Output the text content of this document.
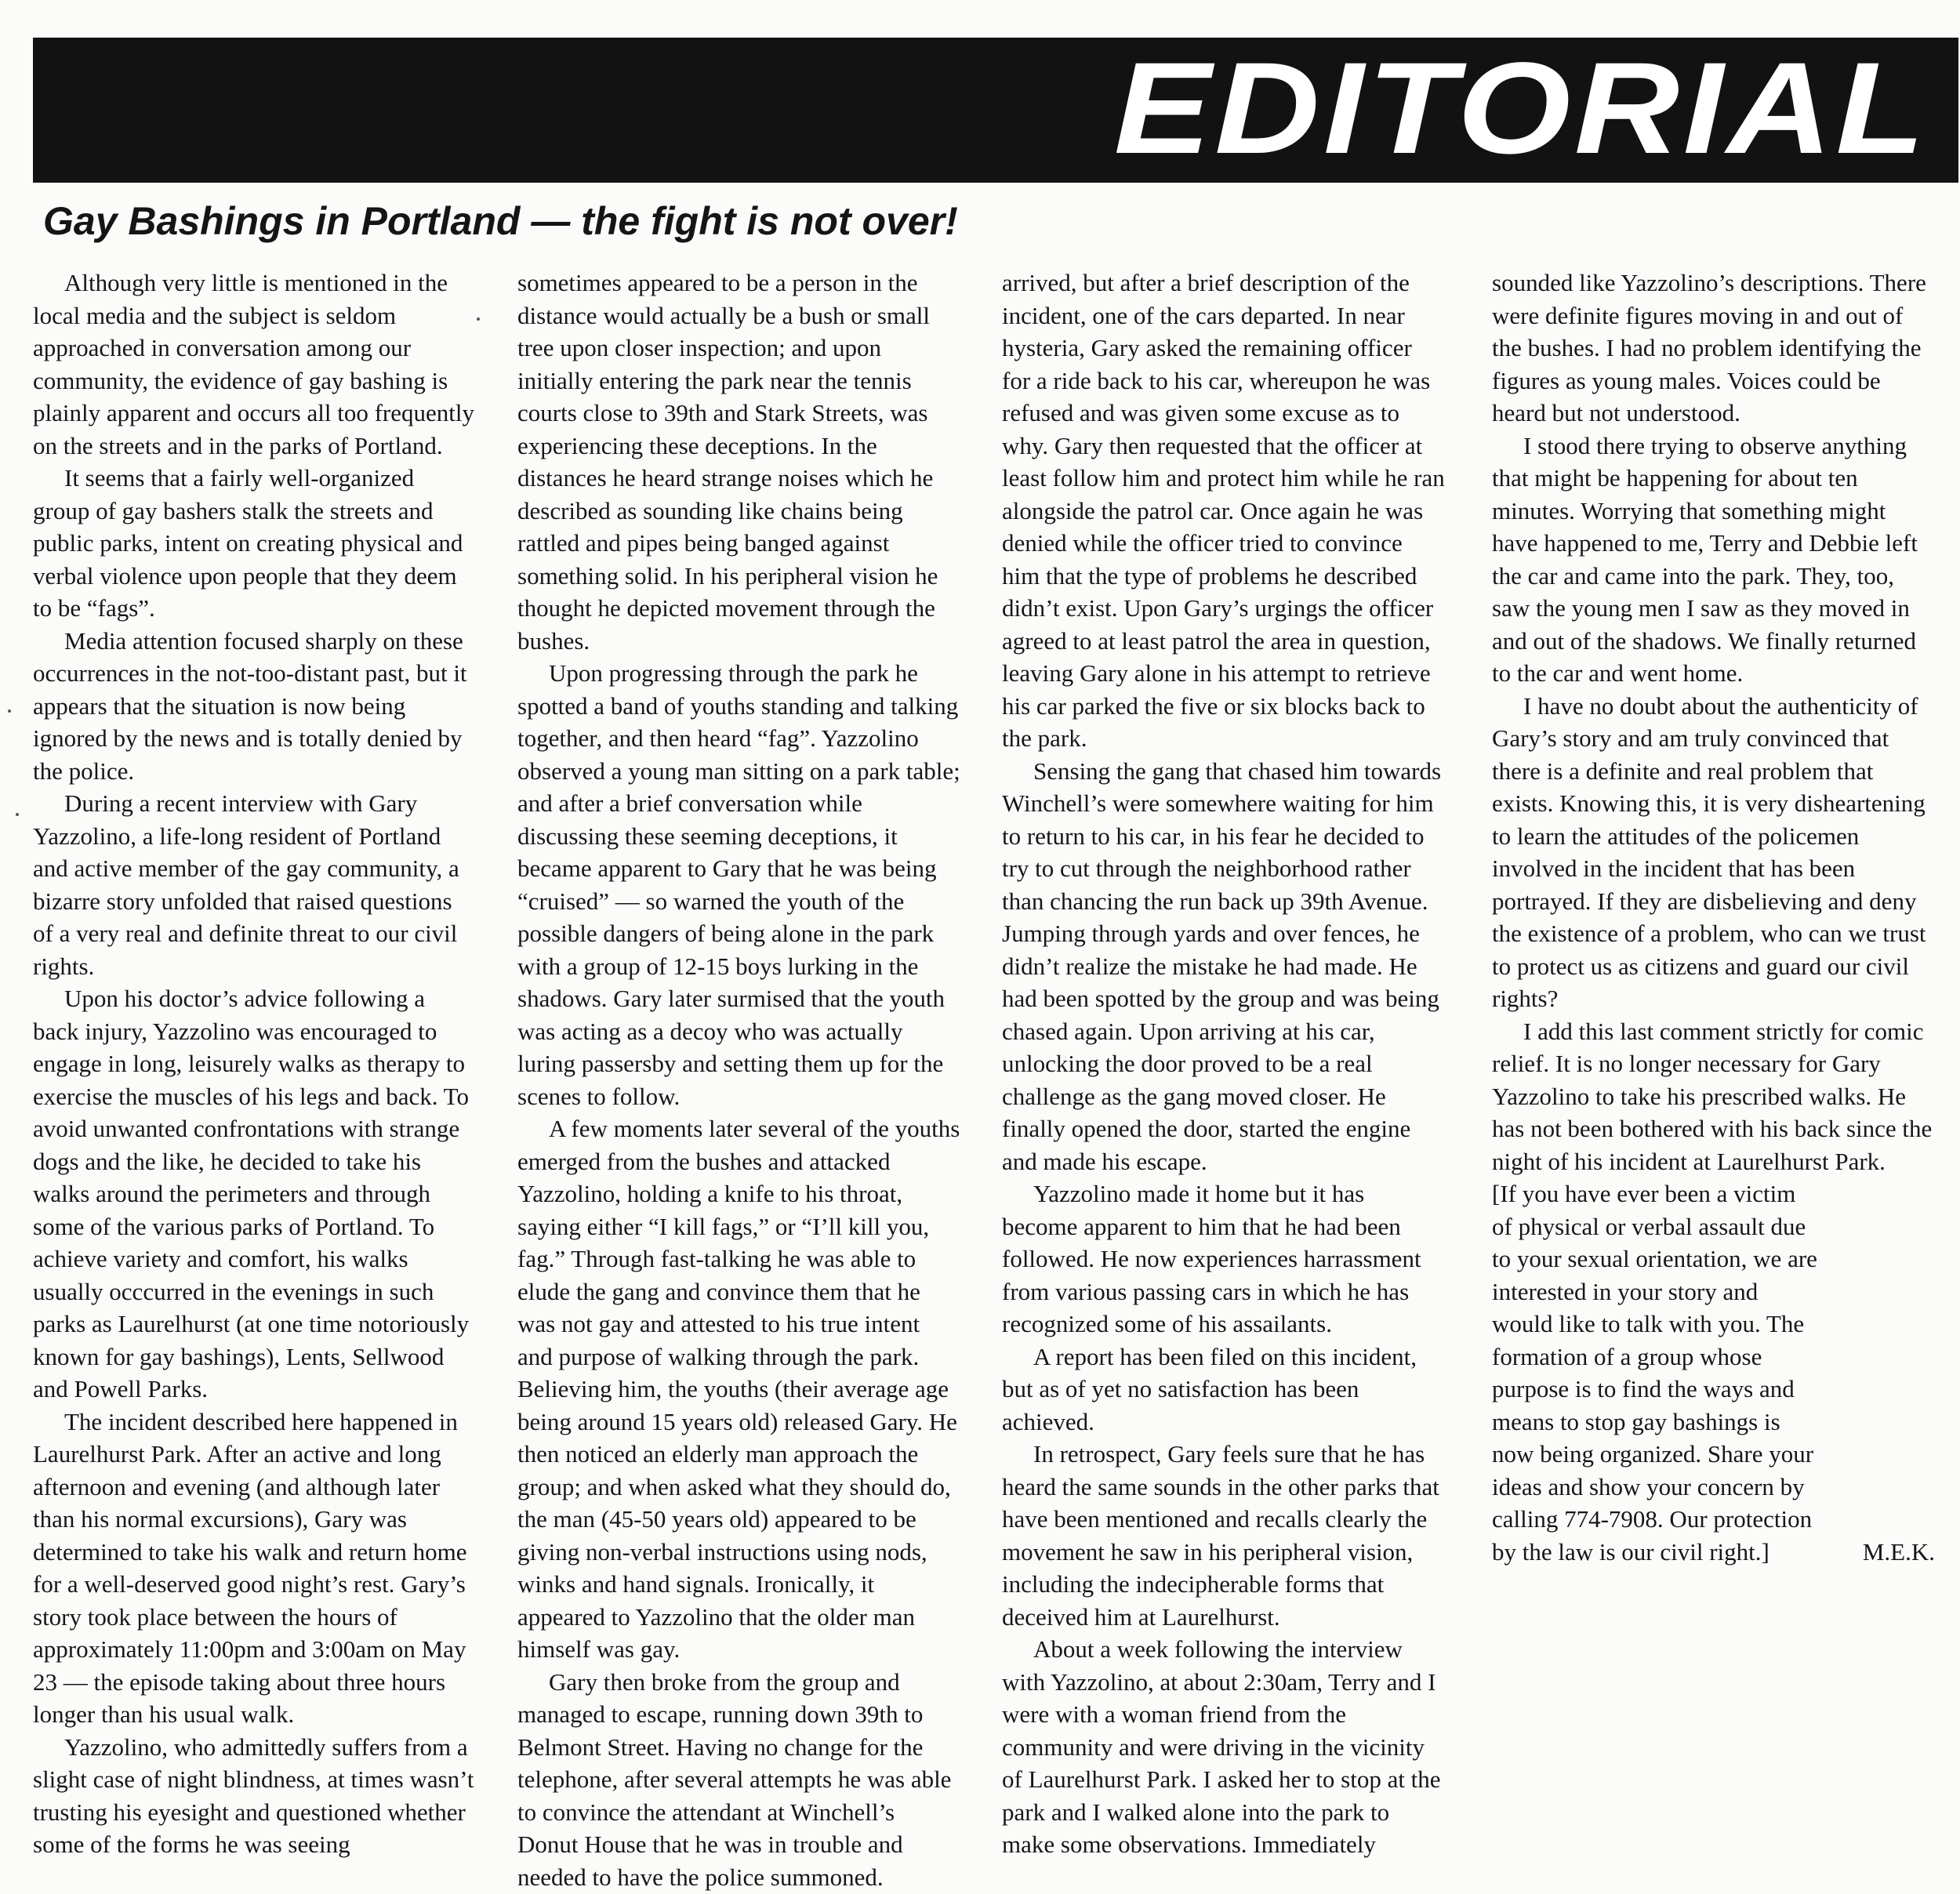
EDITORIAL
Gay Bashings in Portland — the fight is not over!

Although very little is mentioned in the local media and the subject is seldom approached in conversation among our community, the evidence of gay bashing is plainly apparent and occurs all too frequently on the streets and in the parks of Portland.

It seems that a fairly well-organized group of gay bashers stalk the streets and public parks, intent on creating physical and verbal violence upon people that they deem to be “fags”.

Media attention focused sharply on these occurrences in the not-too-distant past, but it appears that the situation is now being ignored by the news and is totally denied by the police.

During a recent interview with Gary Yazzolino, a life-long resident of Portland and active member of the gay community, a bizarre story unfolded that raised questions of a very real and definite threat to our civil rights.

Upon his doctor’s advice following a back injury, Yazzolino was encouraged to engage in long, leisurely walks as therapy to exercise the muscles of his legs and back. To avoid unwanted confrontations with strange dogs and the like, he decided to take his walks around the perimeters and through some of the various parks of Portland. To achieve variety and comfort, his walks usually occcurred in the evenings in such parks as Laurelhurst (at one time notoriously known for gay bashings), Lents, Sellwood and Powell Parks.

The incident described here happened in Laurelhurst Park. After an active and long afternoon and evening (and although later than his normal excursions), Gary was determined to take his walk and return home for a well-deserved good night’s rest. Gary’s story took place between the hours of approximately 11:00pm and 3:00am on May 23 — the episode taking about three hours longer than his usual walk.

Yazzolino, who admittedly suffers from a slight case of night blindness, at times wasn’t trusting his eyesight and questioned whether some of the forms he was seeing

sometimes appeared to be a person in the distance would actually be a bush or small tree upon closer inspection; and upon initially entering the park near the tennis courts close to 39th and Stark Streets, was experiencing these deceptions. In the distances he heard strange noises which he described as sounding like chains being rattled and pipes being banged against something solid. In his peripheral vision he thought he depicted movement through the bushes.

Upon progressing through the park he spotted a band of youths standing and talking together, and then heard “fag”. Yazzolino observed a young man sitting on a park table; and after a brief conversation while discussing these seeming deceptions, it became apparent to Gary that he was being “cruised” — so warned the youth of the possible dangers of being alone in the park with a group of 12-15 boys lurking in the shadows. Gary later surmised that the youth was acting as a decoy who was actually luring passersby and setting them up for the scenes to follow.

A few moments later several of the youths emerged from the bushes and attacked Yazzolino, holding a knife to his throat, saying either “I kill fags,” or “I’ll kill you, fag.” Through fast-talking he was able to elude the gang and convince them that he was not gay and attested to his true intent and purpose of walking through the park. Believing him, the youths (their average age being around 15 years old) released Gary. He then noticed an elderly man approach the group; and when asked what they should do, the man (45-50 years old) appeared to be giving non-verbal instructions using nods, winks and hand signals. Ironically, it appeared to Yazzolino that the older man himself was gay.

Gary then broke from the group and managed to escape, running down 39th to Belmont Street. Having no change for the telephone, after several attempts he was able to convince the attendant at Winchell’s Donut House that he was in trouble and needed to have the police summoned.

arrived, but after a brief description of the incident, one of the cars departed. In near hysteria, Gary asked the remaining officer for a ride back to his car, whereupon he was refused and was given some excuse as to why. Gary then requested that the officer at least follow him and protect him while he ran alongside the patrol car. Once again he was denied while the officer tried to convince him that the type of problems he described didn’t exist. Upon Gary’s urgings the officer agreed to at least patrol the area in question, leaving Gary alone in his attempt to retrieve his car parked the five or six blocks back to the park.

Sensing the gang that chased him towards Winchell’s were somewhere waiting for him to return to his car, in his fear he decided to try to cut through the neighborhood rather than chancing the run back up 39th Avenue. Jumping through yards and over fences, he didn’t realize the mistake he had made. He had been spotted by the group and was being chased again. Upon arriving at his car, unlocking the door proved to be a real challenge as the gang moved closer. He finally opened the door, started the engine and made his escape.

Yazzolino made it home but it has become apparent to him that he had been followed. He now experiences harrassment from various passing cars in which he has recognized some of his assailants.

A report has been filed on this incident, but as of yet no satisfaction has been achieved.

In retrospect, Gary feels sure that he has heard the same sounds in the other parks that have been mentioned and recalls clearly the movement he saw in his peripheral vision, including the indecipherable forms that deceived him at Laurelhurst.

About a week following the interview with Yazzolino, at about 2:30am, Terry and I were with a woman friend from the community and were driving in the vicinity of Laurelhurst Park. I asked her to stop at the park and I walked alone into the park to make some observations. Immediately

sounded like Yazzolino’s descriptions. There were definite figures moving in and out of the bushes. I had no problem identifying the figures as young males. Voices could be heard but not understood.

I stood there trying to observe anything that might be happening for about ten minutes. Worrying that something might have happened to me, Terry and Debbie left the car and came into the park. They, too, saw the young men I saw as they moved in and out of the shadows. We finally returned to the car and went home.

I have no doubt about the authenticity of Gary’s story and am truly convinced that there is a definite and real problem that exists. Knowing this, it is very disheartening to learn the attitudes of the policemen involved in the incident that has been portrayed. If they are disbelieving and deny the existence of a problem, who can we trust to protect us as citizens and guard our civil rights?

I add this last comment strictly for comic relief. It is no longer necessary for Gary Yazzolino to take his prescribed walks. He has not been bothered with his back since the night of his incident at Laurelhurst Park.

[If you have ever been a victim of physical or verbal assault due to your sexual orientation, we are interested in your story and would like to talk with you. The formation of a group whose purpose is to find the ways and means to stop gay bashings is now being organized. Share your ideas and show your concern by calling 774-7908. Our protection by the law is our civil right.]	M.E.K.
